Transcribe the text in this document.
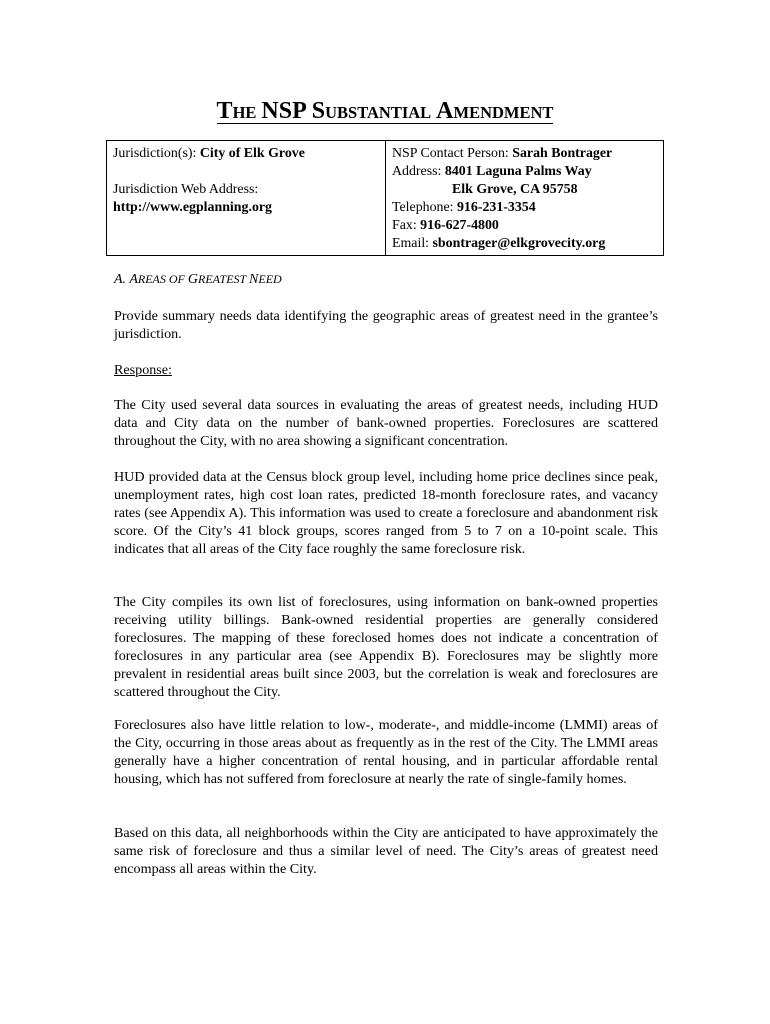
THE NSP SUBSTANTIAL AMENDMENT
Jurisdiction(s): City of Elk Grove
Jurisdiction Web Address:
http://www.egplanning.org

NSP Contact Person: Sarah Bontrager
Address: 8401 Laguna Palms Way
Elk Grove, CA 95758
Telephone: 916-231-3354
Fax: 916-627-4800
Email: sbontrager@elkgrovecity.org
A. AREAS OF GREATEST NEED

Provide summary needs data identifying the geographic areas of greatest need in the grantee’s jurisdiction.

Response:

The City used several data sources in evaluating the areas of greatest needs, including HUD data and City data on the number of bank-owned properties. Foreclosures are scattered throughout the City, with no area showing a significant concentration.

HUD provided data at the Census block group level, including home price declines since peak, unemployment rates, high cost loan rates, predicted 18-month foreclosure rates, and vacancy rates (see Appendix A). This information was used to create a foreclosure and abandonment risk score. Of the City’s 41 block groups, scores ranged from 5 to 7 on a 10-point scale. This indicates that all areas of the City face roughly the same foreclosure risk.

The City compiles its own list of foreclosures, using information on bank-owned properties receiving utility billings. Bank-owned residential properties are generally considered foreclosures. The mapping of these foreclosed homes does not indicate a concentration of foreclosures in any particular area (see Appendix B). Foreclosures may be slightly more prevalent in residential areas built since 2003, but the correlation is weak and foreclosures are scattered throughout the City.

Foreclosures also have little relation to low-, moderate-, and middle-income (LMMI) areas of the City, occurring in those areas about as frequently as in the rest of the City. The LMMI areas generally have a higher concentration of rental housing, and in particular affordable rental housing, which has not suffered from foreclosure at nearly the rate of single-family homes.

Based on this data, all neighborhoods within the City are anticipated to have approximately the same risk of foreclosure and thus a similar level of need. The City’s areas of greatest need encompass all areas within the City.
